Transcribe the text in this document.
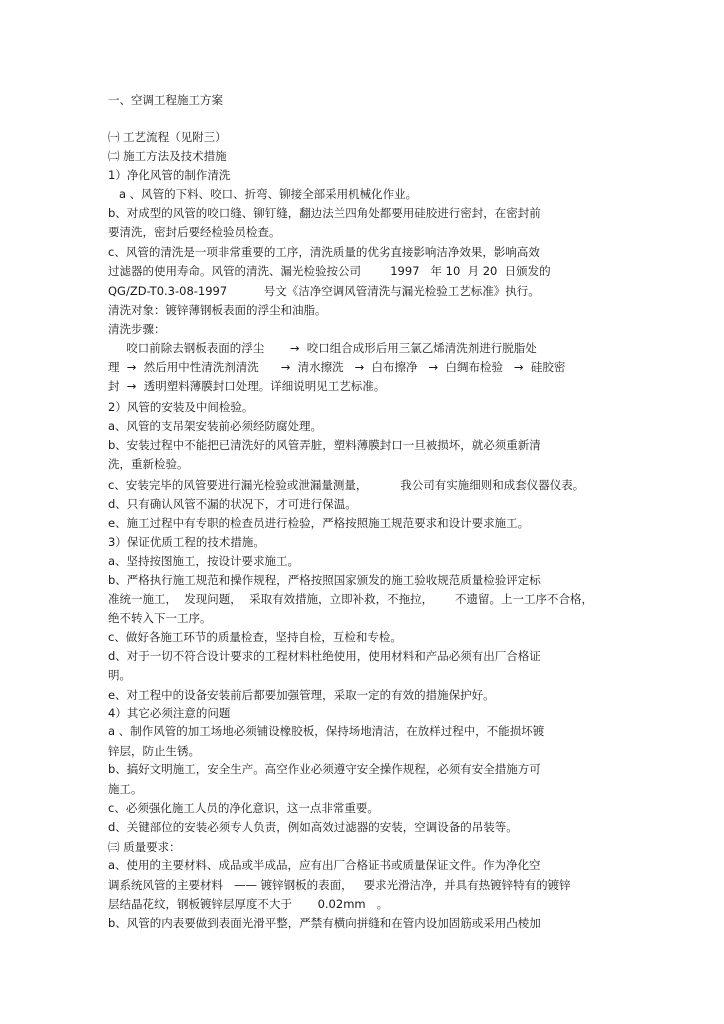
一、空调工程施工方案
㈠ 工艺流程（见附三）
㈡ 施工方法及技术措施
1）净化风管的制作清洗
a 、风管的下料、咬口、折弯、铆接全部采用机械化作业。
b、对成型的风管的咬口缝、铆钉缝，翻边法兰四角处都要用硅胶进行密封，在密封前
要清洗，密封后要经检验员检查。
c、风管的清洗是一项非常重要的工序，清洗质量的优劣直接影响洁净效果，影响高效
过滤器的使用寿命。风管的清洗、漏光检验按公司        1997   年 10  月 20  日颁发的
QG/ZD-T0.3-08-1997          号文《洁净空调风管清洗与漏光检验工艺标准》执行。
清洗对象：镀锌薄钢板表面的浮尘和油脂。
清洗步骤：
咬口前除去钢板表面的浮尘       →  咬口组合成形后用三氯乙烯清洗剂进行脱脂处
理  →  然后用中性清洗剂清洗      →  清水擦洗   →  白布擦净   →  白绸布检验   →  硅胶密
封  →  透明塑料薄膜封口处理。详细说明见工艺标准。
2）风管的安装及中间检验。
a、风管的支吊架安装前必须经防腐处理。
b、安装过程中不能把已清洗好的风管弄脏，塑料薄膜封口一旦被损坏，就必须重新清
洗，重新检验。
c、安装完毕的风管要进行漏光检验或泄漏量测量，         我公司有实施细则和成套仪器仪表。
d、只有确认风管不漏的状况下，才可进行保温。
e、施工过程中有专职的检查员进行检验，严格按照施工规范要求和设计要求施工。
3）保证优质工程的技术措施。
a、坚持按图施工，按设计要求施工。
b、严格执行施工规范和操作规程，严格按照国家颁发的施工验收规范质量检验评定标
准统一施工，  发现问题，  采取有效措施，立即补救，不拖拉，      不遗留。上一工序不合格，
绝不转入下一工序。
c、做好各施工环节的质量检查，坚持自检，互检和专检。
d、对于一切不符合设计要求的工程材料杜绝使用，使用材料和产品必须有出厂合格证
明。
e、对工程中的设备安装前后都要加强管理，采取一定的有效的措施保护好。
4）其它必须注意的问题
a 、制作风管的加工场地必须铺设橡胶板，保持场地清洁，在放样过程中，不能损坏镀
锌层，防止生锈。
b、搞好文明施工，安全生产。高空作业必须遵守安全操作规程，必须有安全措施方可
施工。
c、必须强化施工人员的净化意识，这一点非常重要。
d、关键部位的安装必须专人负责，例如高效过滤器的安装，空调设备的吊装等。
㈢ 质量要求：
a、使用的主要材料、成品或半成品，应有出厂合格证书或质量保证文件。作为净化空
调系统风管的主要材料   —— 镀锌钢板的表面，   要求光滑洁净，并具有热镀锌特有的镀锌
层结晶花纹，钢板镀锌层厚度不大于       0.02mm   。
b、风管的内表要做到表面光滑平整，严禁有横向拼缝和在管内设加固筋或采用凸棱加
